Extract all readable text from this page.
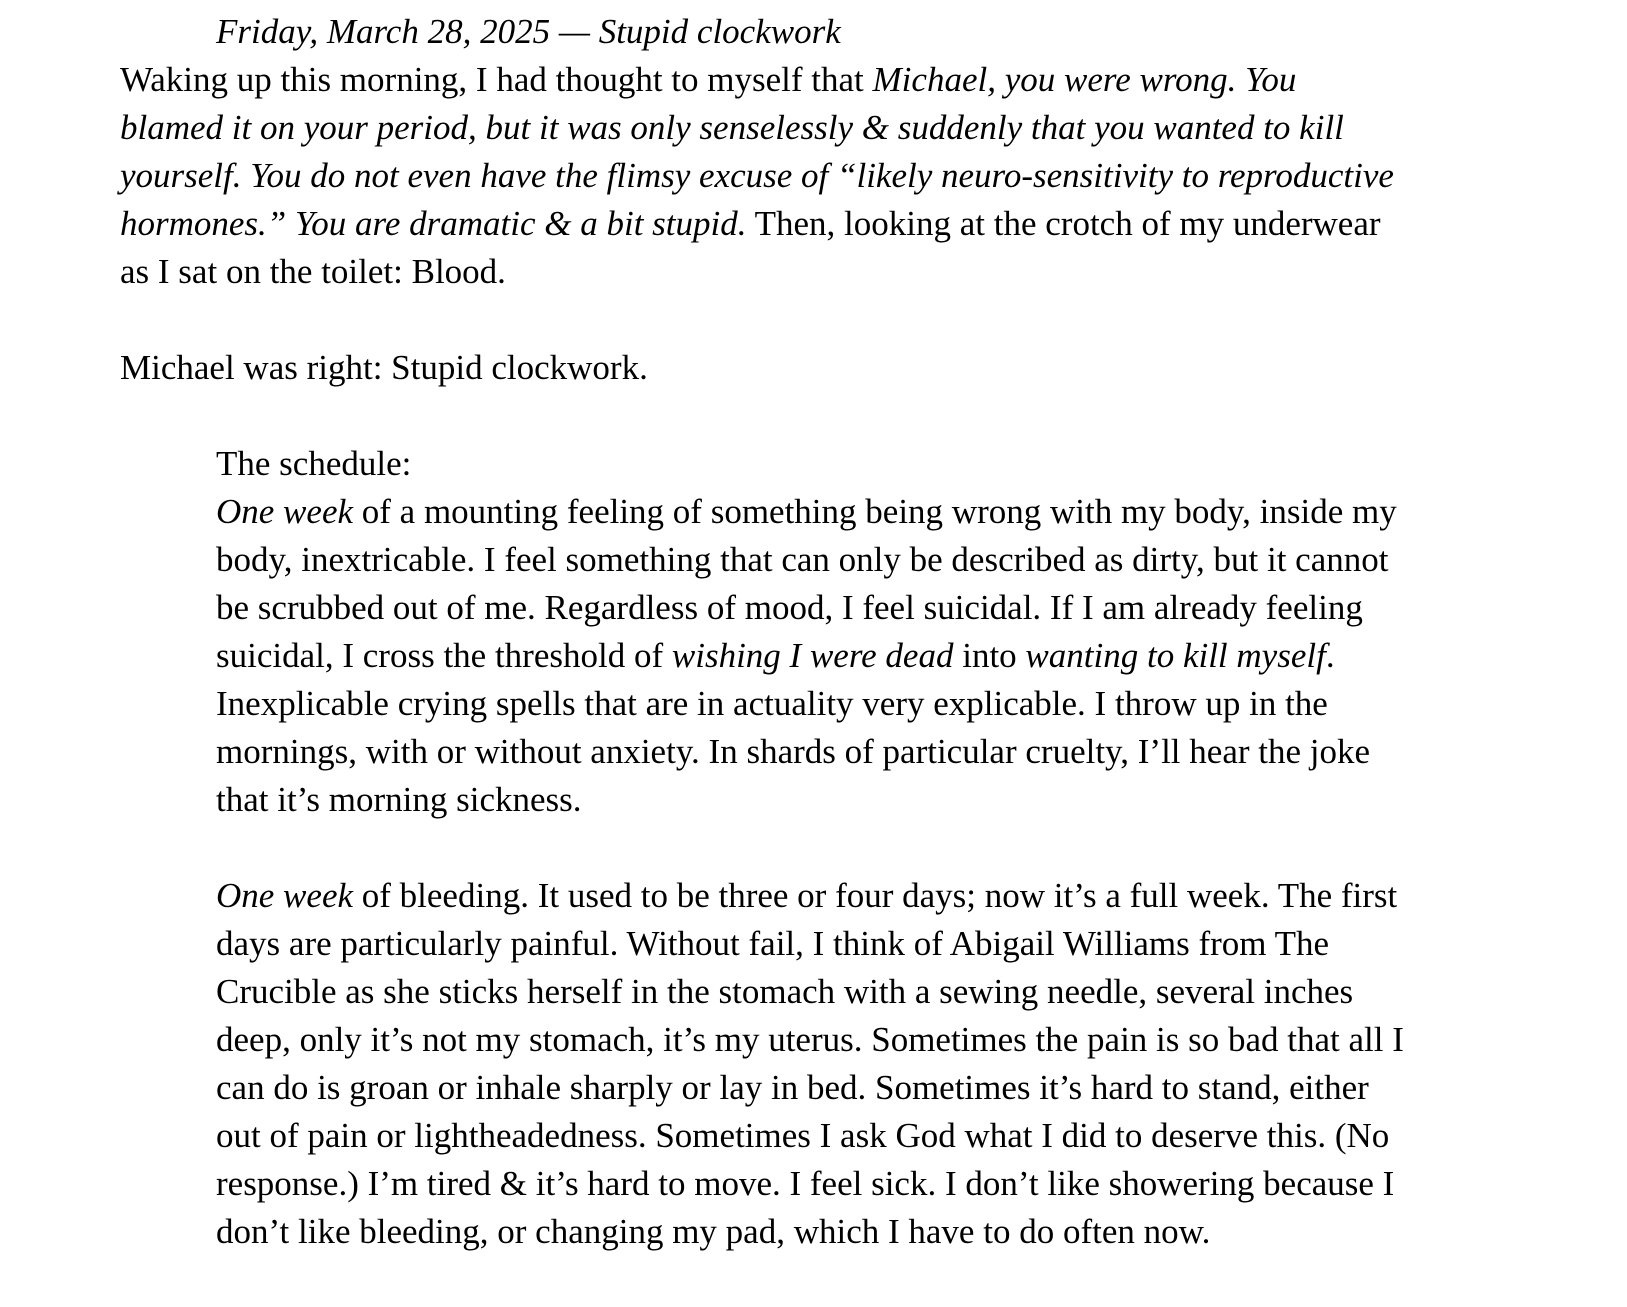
Friday, March 28, 2025 — Stupid clockwork

Waking up this morning, I had thought to myself that Michael, you were wrong. You

blamed it on your period, but it was only senselessly & suddenly that you wanted to kill

yourself. You do not even have the flimsy excuse of “likely neuro-sensitivity to reproductive

hormones.” You are dramatic & a bit stupid. Then, looking at the crotch of my underwear

as I sat on the toilet: Blood.

Michael was right: Stupid clockwork.

The schedule:

One week of a mounting feeling of something being wrong with my body, inside my

body, inextricable. I feel something that can only be described as dirty, but it cannot

be scrubbed out of me. Regardless of mood, I feel suicidal. If I am already feeling

suicidal, I cross the threshold of wishing I were dead into wanting to kill myself.

Inexplicable crying spells that are in actuality very explicable. I throw up in the

mornings, with or without anxiety. In shards of particular cruelty, I’ll hear the joke

that it’s morning sickness.

One week of bleeding. It used to be three or four days; now it’s a full week. The first

days are particularly painful. Without fail, I think of Abigail Williams from The

Crucible as she sticks herself in the stomach with a sewing needle, several inches

deep, only it’s not my stomach, it’s my uterus. Sometimes the pain is so bad that all I

can do is groan or inhale sharply or lay in bed. Sometimes it’s hard to stand, either

out of pain or lightheadedness. Sometimes I ask God what I did to deserve this. (No

response.) I’m tired & it’s hard to move. I feel sick. I don’t like showering because I

don’t like bleeding, or changing my pad, which I have to do often now.
